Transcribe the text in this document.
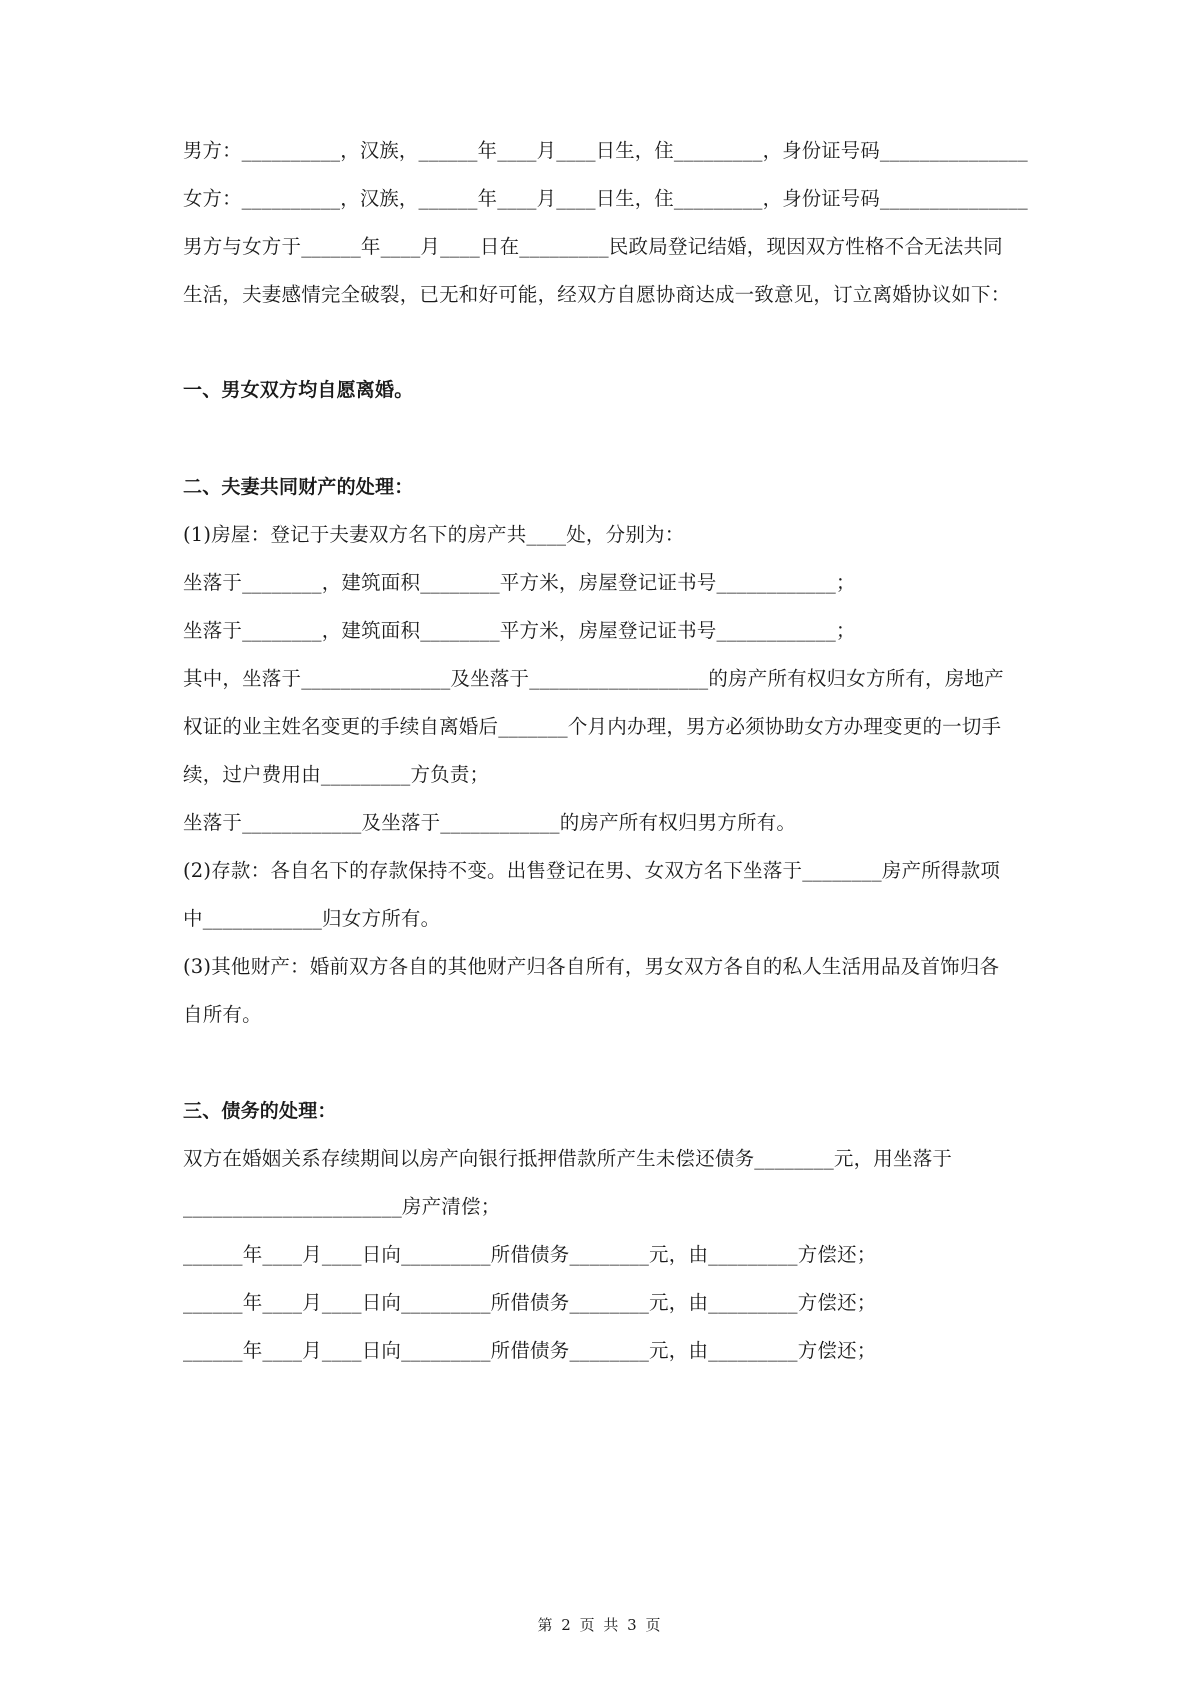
男方：__________，汉族，______年____月____日生，住_________，身份证号码_______________
女方：__________，汉族，______年____月____日生，住_________，身份证号码_______________
男方与女方于______年____月____日在_________民政局登记结婚，现因双方性格不合无法共同
生活，夫妻感情完全破裂，已无和好可能，经双方自愿协商达成一致意见，订立离婚协议如下：
一、男女双方均自愿离婚。
二、夫妻共同财产的处理：
(1)房屋：登记于夫妻双方名下的房产共____处，分别为：
坐落于________，建筑面积________平方米，房屋登记证书号____________；
坐落于________，建筑面积________平方米，房屋登记证书号____________；
其中，坐落于_______________及坐落于__________________的房产所有权归女方所有，房地产
权证的业主姓名变更的手续自离婚后_______个月内办理，男方必须协助女方办理变更的一切手
续，过户费用由_________方负责；
坐落于____________及坐落于____________的房产所有权归男方所有。
(2)存款：各自名下的存款保持不变。出售登记在男、女双方名下坐落于________房产所得款项
中____________归女方所有。
(3)其他财产：婚前双方各自的其他财产归各自所有，男女双方各自的私人生活用品及首饰归各
自所有。
三、债务的处理：
双方在婚姻关系存续期间以房产向银行抵押借款所产生未偿还债务________元，用坐落于
______________________房产清偿；
______年____月____日向_________所借债务________元，由_________方偿还；
______年____月____日向_________所借债务________元，由_________方偿还；
______年____月____日向_________所借债务________元，由_________方偿还；
第 2 页 共 3 页
